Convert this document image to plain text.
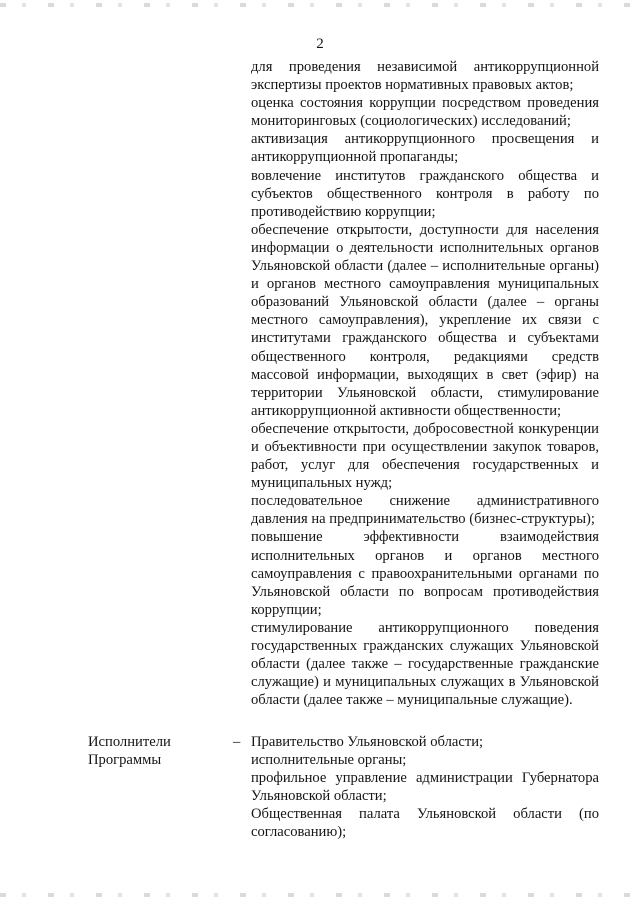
2

для проведения независимой антикоррупционной экспертизы проектов нормативных правовых актов;

оценка состояния коррупции посредством проведения мониторинговых (социологических) исследований;

активизация антикоррупционного просвещения и антикоррупционной пропаганды;

вовлечение институтов гражданского общества и субъектов общественного контроля в работу по противодействию коррупции;

обеспечение открытости, доступности для населения информации о деятельности исполнительных органов Ульяновской области (далее – исполнительные органы) и органов местного самоуправления муниципальных образований Ульяновской области (далее – органы местного самоуправления), укрепление их связи с институтами гражданского общества и субъектами общественного контроля, редакциями средств массовой информации, выходящих в свет (эфир) на территории Ульяновской области, стимулирование антикоррупционной активности общественности;

обеспечение открытости, добросовестной конкуренции и объективности при осуществлении закупок товаров, работ, услуг для обеспечения государственных и муниципальных нужд;

последовательное снижение административного давления на предпринимательство (бизнес-структуры);

повышение эффективности взаимодействия исполнительных органов и органов местного самоуправления с правоохранительными органами по Ульяновской области по вопросам противодействия коррупции;

стимулирование антикоррупционного поведения государственных гражданских служащих Ульяновской области (далее также – государственные гражданские служащие) и муниципальных служащих в Ульяновской области (далее также – муниципальные служащие).

Исполнители Программы
– Правительство Ульяновской области;

исполнительные органы;

профильное управление администрации Губернатора Ульяновской области;

Общественная палата Ульяновской области (по согласованию);
